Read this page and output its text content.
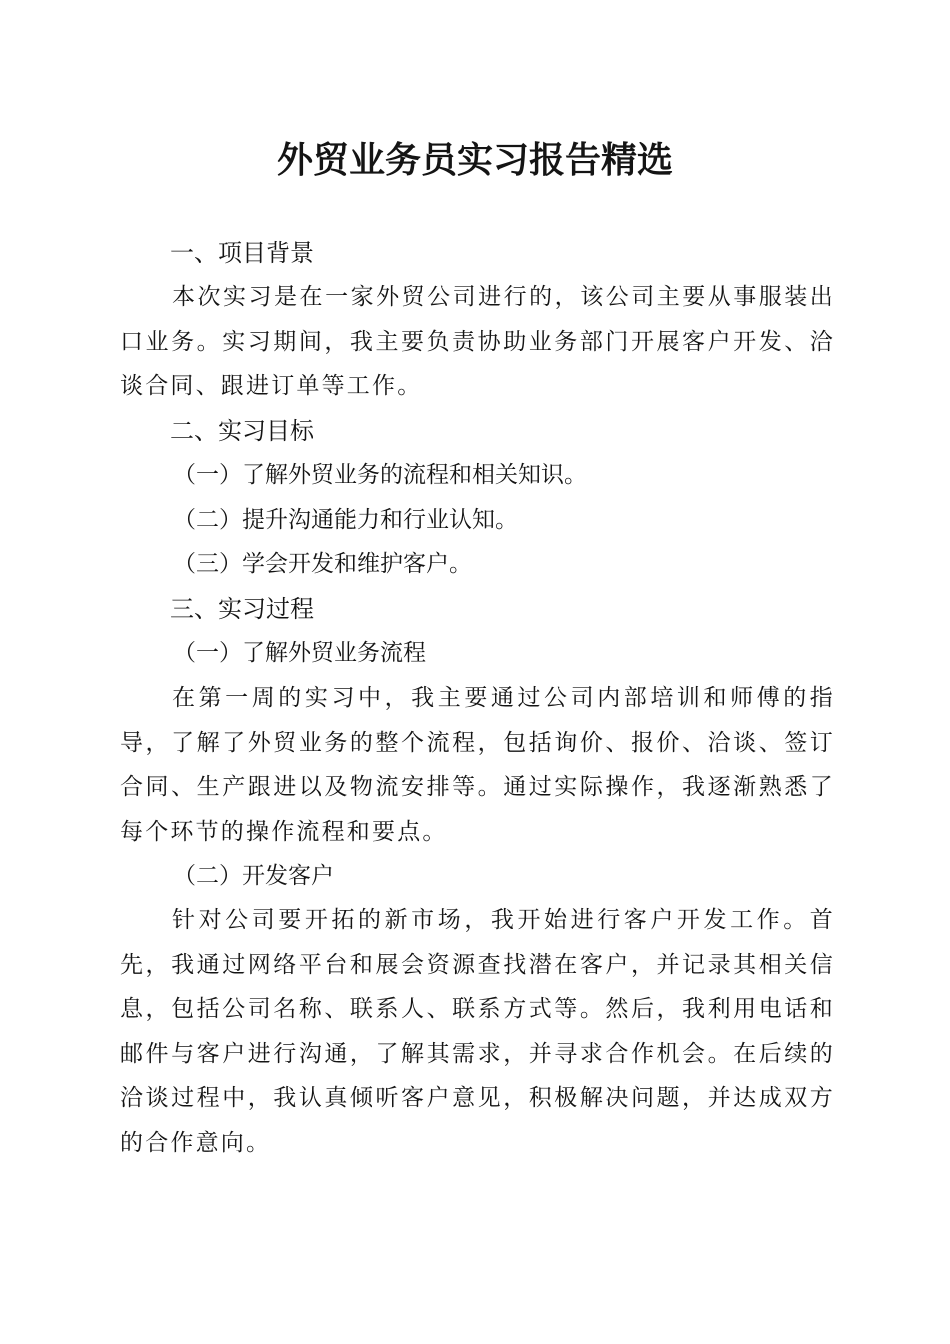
外贸业务员实习报告精选
一、项目背景
本次实习是在一家外贸公司进行的，该公司主要从事服装出口业务。实习期间，我主要负责协助业务部门开展客户开发、洽谈合同、跟进订单等工作。
二、实习目标
（一）了解外贸业务的流程和相关知识。
（二）提升沟通能力和行业认知。
（三）学会开发和维护客户。
三、实习过程
（一）了解外贸业务流程
在第一周的实习中，我主要通过公司内部培训和师傅的指导，了解了外贸业务的整个流程，包括询价、报价、洽谈、签订合同、生产跟进以及物流安排等。通过实际操作，我逐渐熟悉了每个环节的操作流程和要点。
（二）开发客户
针对公司要开拓的新市场，我开始进行客户开发工作。首先，我通过网络平台和展会资源查找潜在客户，并记录其相关信息，包括公司名称、联系人、联系方式等。然后，我利用电话和邮件与客户进行沟通，了解其需求，并寻求合作机会。在后续的洽谈过程中，我认真倾听客户意见，积极解决问题，并达成双方的合作意向。
